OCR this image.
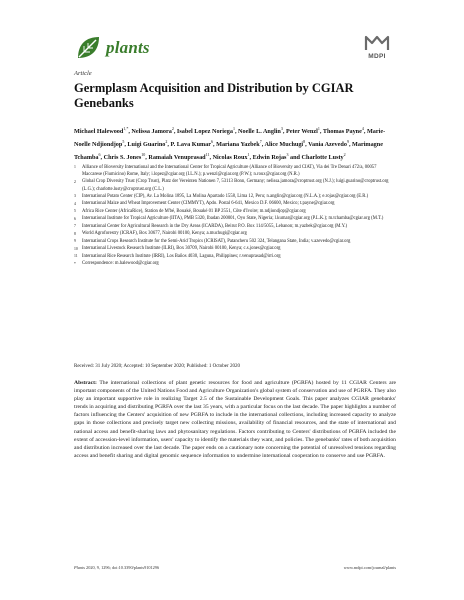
plants	MDPI
Article
Germplasm Acquisition and Distribution by CGIAR Genebanks
Michael Halewood$^{1,*}$, Nelissa Jamora$^2$, Isabel Lopez Noriega$^1$, Noelle L. Anglin$^3$, Peter Wenzl$^1$, Thomas Payne$^4$, Marie-Noelle Ndjiondjop$^5$, Luigi Guarino$^2$, P. Lava Kumar$^6$, Mariana Yazbek$^7$, Alice Muchugi$^8$, Vania Azevedo$^9$, Marimagne Tchamba$^6$, Chris S. Jones$^{10}$, Ramaiah Venuprasad$^{11}$, Nicolas Roux$^1$, Edwin Rojas$^3$ and Charlotte Lusty$^2$
1	Alliance of Bioversity International and the International Center for Tropical Agriculture (Alliance of Bioversity and CIAT), Via dei Tre Denari 472/a, 00057 Maccarese (Fiumicino) Rome, Italy; i.lopez@cgiar.org (I.L.N.); p.wenzl@cgiar.org (P.W.); n.roux@cgiar.org (N.R.)
2	Global Crop Diversity Trust (Crop Trust), Platz der Vereinten Nationen 7, 53113 Bonn, Germany; nelissa.jamora@croptrust.org (N.J.); luigi.guarino@croptrust.org (L.G.); charlotte.lusty@croptrust.org (C.L.)
3	International Potato Center (CIP), Av. La Molina 1895, La Molina Apartado 1558, Lima 12, Peru; n.anglin@cgiar.org (N.L.A.); e.rojas@cgiar.org (E.R.)
4	International Maize and Wheat Improvement Center (CIMMYT), Apdo. Postal 6-641, Mexico D.F. 06600, Mexico; t.payne@cgiar.org
5	Africa Rice Center (AfricaRice), Station de M'bé, Bouaké, Bouaké 01 BP 2551, Côte d'Ivoire; m.ndjiondjop@cgiar.org
6	International Institute for Tropical Agriculture (IITA), PMB 5320, Ibadan 200001, Oyo State, Nigeria; l.kumar@cgiar.org (P.L.K.); m.tchamba@cgiar.org (M.T.)
7	International Center for Agricultural Research in the Dry Areas (ICARDA), Beirut P.O. Box 114/5055, Lebanon; m.yazbek@cgiar.org (M.Y.)
8	World Agroforestry (ICRAF), Box 30677, Nairobi 00100, Kenya; a.muchugi@cgiar.org
9	International Crops Research Institute for the Semi-Arid Tropics (ICRISAT), Patancheru 502 324, Telangana State, India; v.azevedo@cgiar.org
10 International Livestock Research Institute (ILRI), Box 30709, Nairobi 00100, Kenya; c.s.jones@cgiar.org
11 International Rice Research Institute (IRRI), Los Baños 4030, Laguna, Philippines; r.venuprasad@irri.org
*	Correspondence: m.halewood@cgiar.org
Received: 31 July 2020; Accepted: 10 September 2020; Published: 1 October 2020

Abstract: The international collections of plant genetic resources for food and agriculture (PGRFA) hosted by 11 CGIAR Centers are important components of the United Nations Food and Agriculture Organization's global system of conservation and use of PGRFA. They also play an important supportive role in realizing Target 2.5 of the Sustainable Development Goals. This paper analyzes CGIAR genebanks' trends in acquiring and distributing PGRFA over the last 35 years, with a particular focus on the last decade. The paper highlights a number of factors influencing the Centers' acquisition of new PGRFA to include in the international collections, including increased capacity to analyze gaps in those collections and precisely target new collecting missions, availability of financial resources, and the state of international and national access and benefit-sharing laws and phytosanitary regulations. Factors contributing to Centers' distributions of PGRFA included the extent of accession-level information, users' capacity to identify the materials they want, and policies. The genebanks' rates of both acquisition and distribution increased over the last decade. The paper ends on a cautionary note concerning the potential of unresolved tensions regarding access and benefit sharing and digital genomic sequence information to undermine international cooperation to conserve and use PGRFA.

Plants 2020, 9, 1296; doi:10.3390/plants9101296	www.mdpi.com/journal/plants
